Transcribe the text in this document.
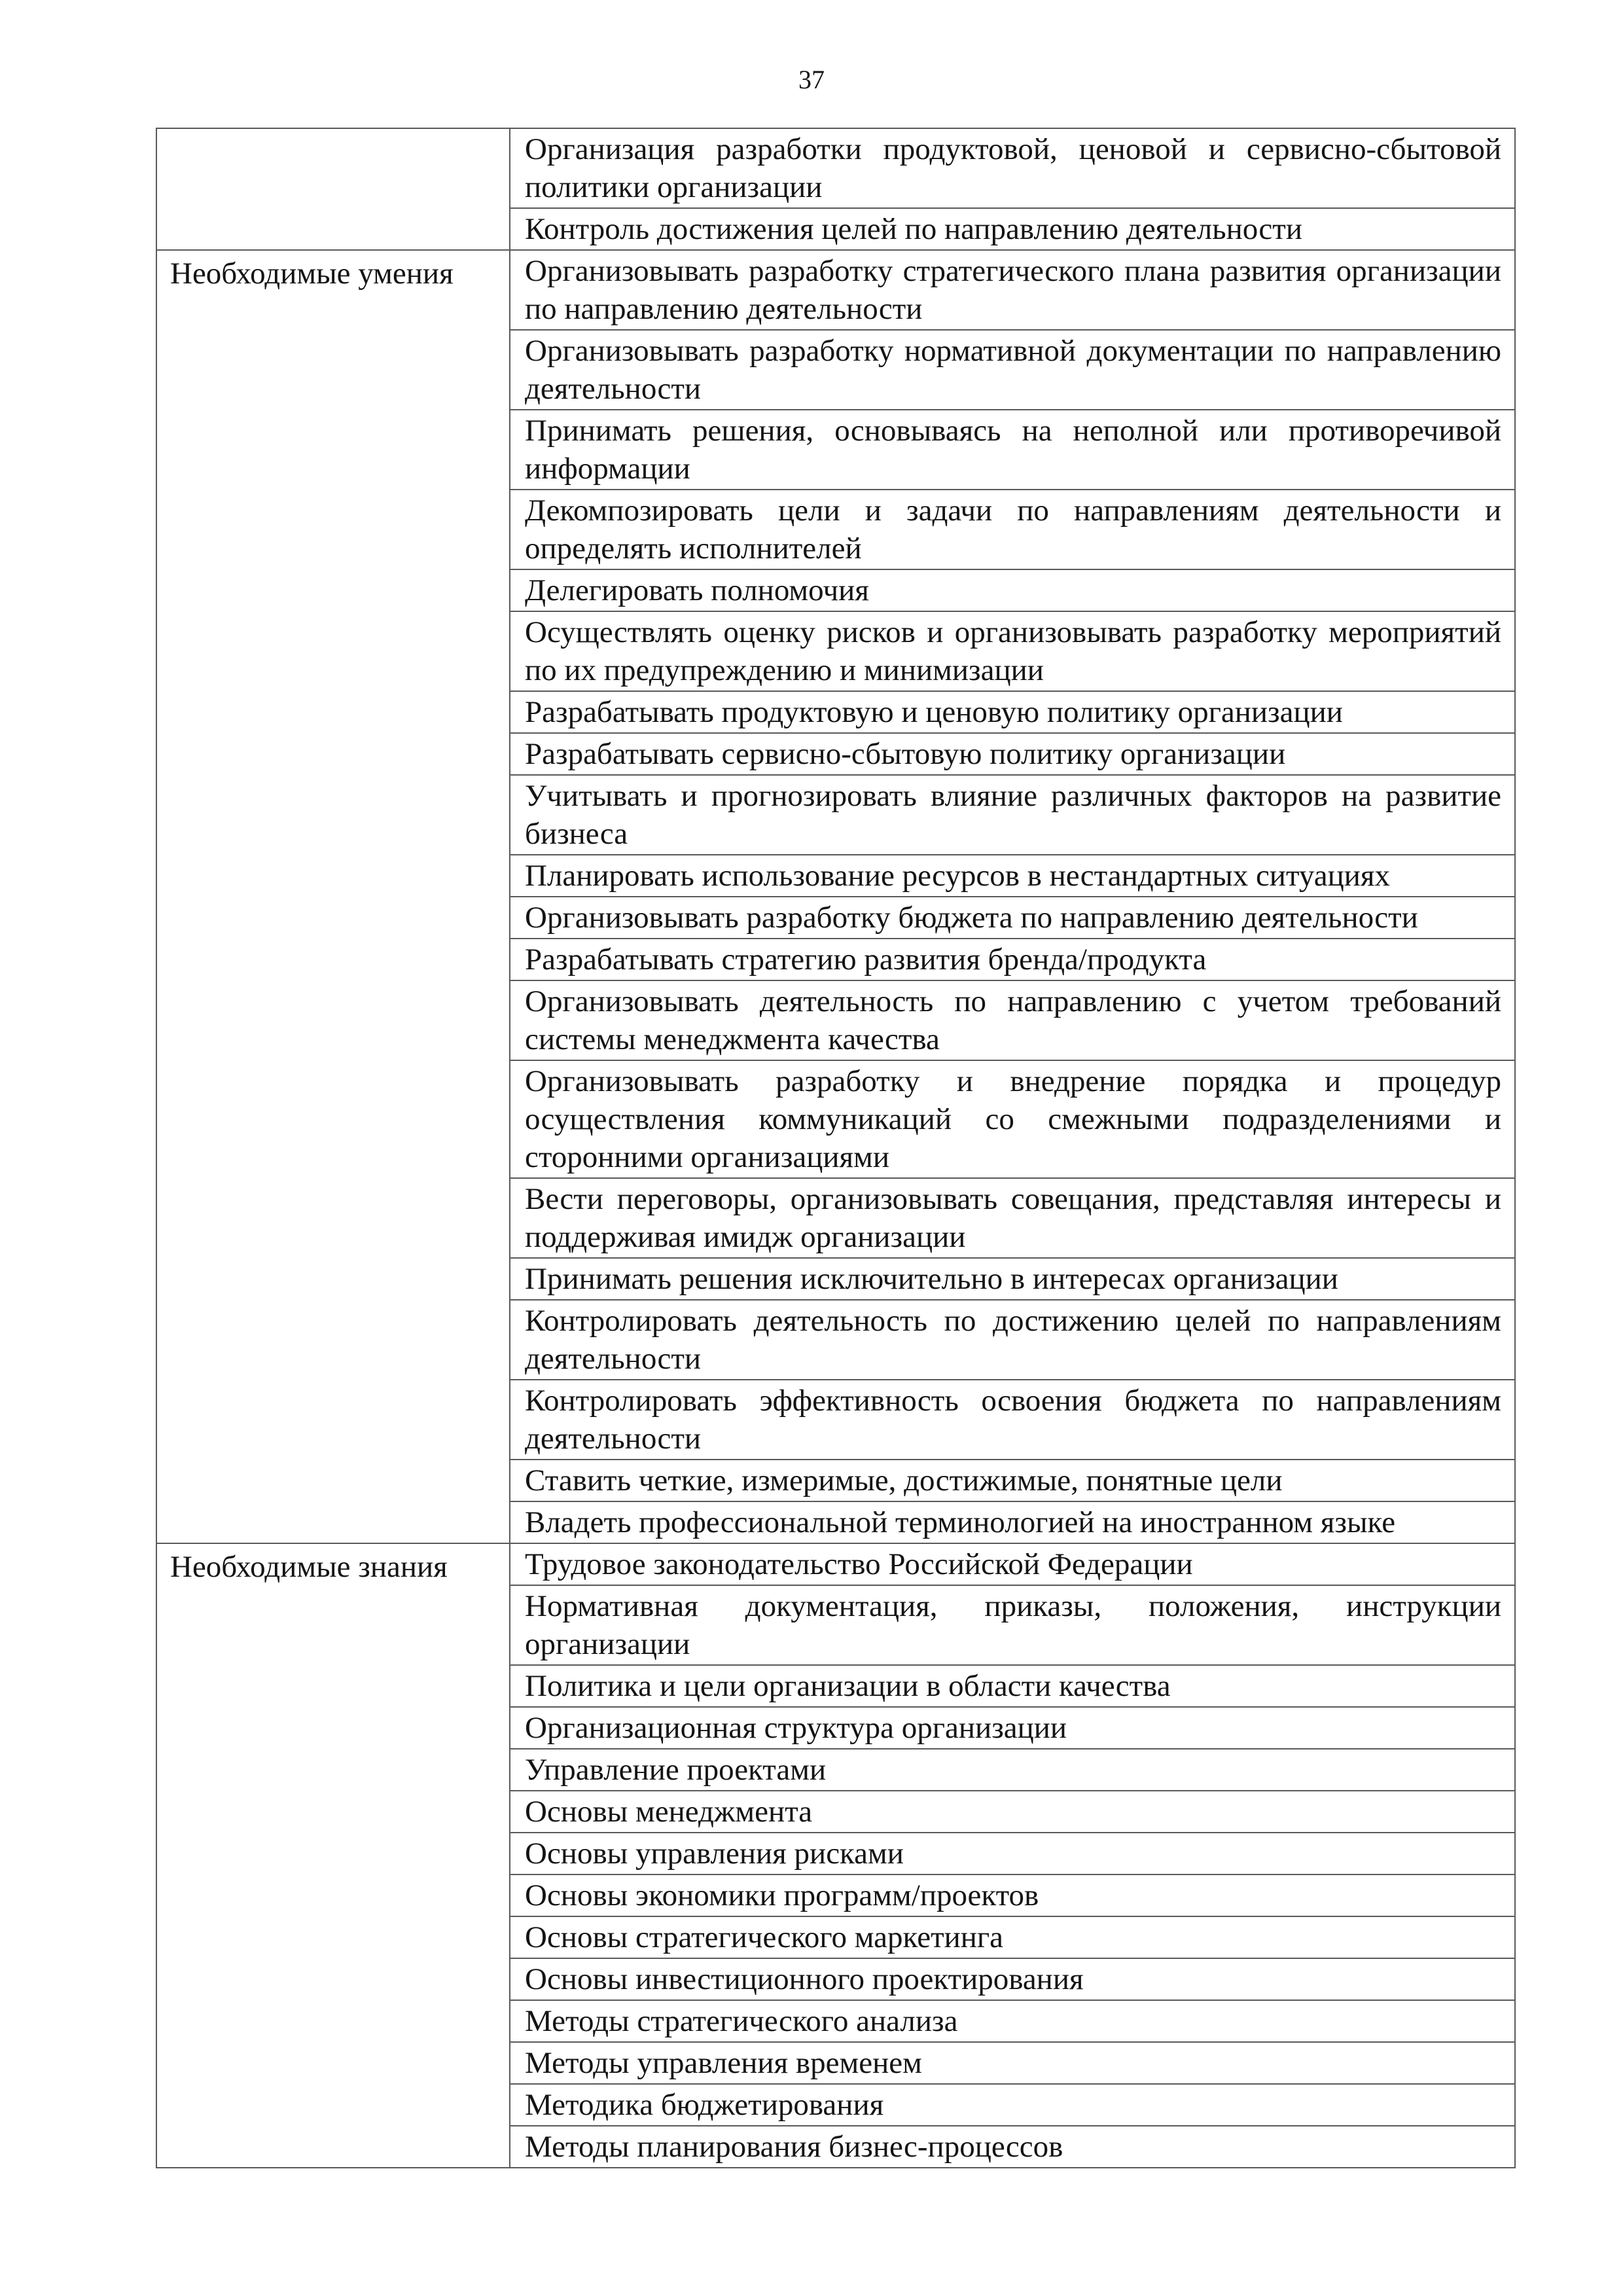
37
	Организация разработки продуктовой, ценовой и сервисно-сбытовой политики организации
	Контроль достижения целей по направлению деятельности
Необходимые умения	Организовывать разработку стратегического плана развития организации по направлению деятельности
	Организовывать разработку нормативной документации по направлению деятельности
	Принимать решения, основываясь на неполной или противоречивой информации
	Декомпозировать цели и задачи по направлениям деятельности и определять исполнителей
	Делегировать полномочия
	Осуществлять оценку рисков и организовывать разработку мероприятий по их предупреждению и минимизации
	Разрабатывать продуктовую и ценовую политику организации
	Разрабатывать сервисно-сбытовую политику организации
	Учитывать и прогнозировать влияние различных факторов на развитие бизнеса
	Планировать использование ресурсов в нестандартных ситуациях
	Организовывать разработку бюджета по направлению деятельности
	Разрабатывать стратегию развития бренда/продукта
	Организовывать деятельность по направлению с учетом требований системы менеджмента качества
	Организовывать разработку и внедрение порядка и процедур осуществления коммуникаций со смежными подразделениями и сторонними организациями
	Вести переговоры, организовывать совещания, представляя интересы и поддерживая имидж организации
	Принимать решения исключительно в интересах организации
	Контролировать деятельность по достижению целей по направлениям деятельности
	Контролировать эффективность освоения бюджета по направлениям деятельности
	Ставить четкие, измеримые, достижимые, понятные цели
	Владеть профессиональной терминологией на иностранном языке
Необходимые знания	Трудовое законодательство Российской Федерации
	Нормативная документация, приказы, положения, инструкции организации
	Политика и цели организации в области качества
	Организационная структура организации
	Управление проектами
	Основы менеджмента
	Основы управления рисками
	Основы экономики программ/проектов
	Основы стратегического маркетинга
	Основы инвестиционного проектирования
	Методы стратегического анализа
	Методы управления временем
	Методика бюджетирования
	Методы планирования бизнес-процессов
